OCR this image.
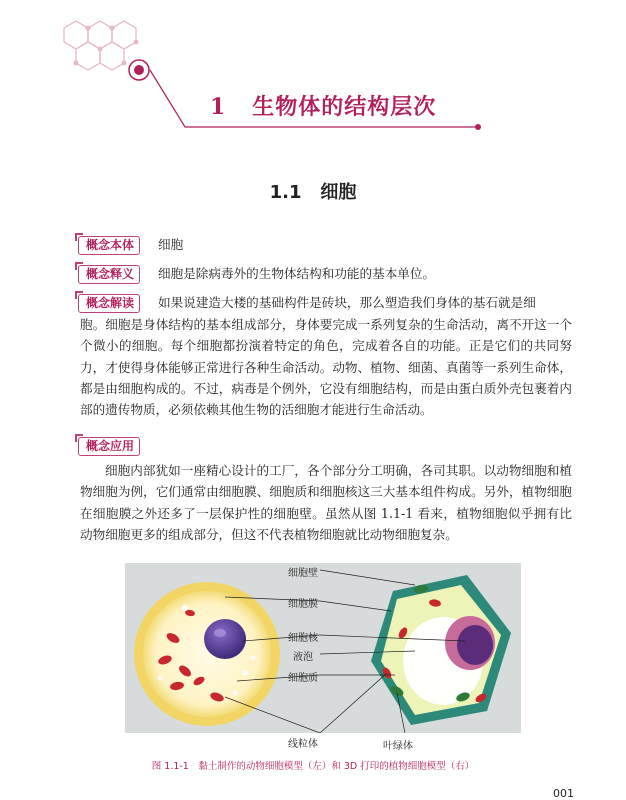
1 生物体的结构层次
1.1 细胞
概念本体	细胞
概念释义	细胞是除病毒外的生物体结构和功能的基本单位。
概念解读	如果说建造大楼的基础构件是砖块，那么塑造我们身体的基石就是细
胞。细胞是身体结构的基本组成部分，身体要完成一系列复杂的生命活动，离不开这一个个微小的细胞。每个细胞都扮演着特定的角色，完成着各自的功能。正是它们的共同努力，才使得身体能够正常进行各种生命活动。动物、植物、细菌、真菌等一系列生命体，都是由细胞构成的。不过，病毒是个例外，它没有细胞结构，而是由蛋白质外壳包裹着内部的遗传物质，必须依赖其他生物的活细胞才能进行生命活动。
概念应用
细胞内部犹如一座精心设计的工厂，各个部分分工明确，各司其职。以动物细胞和植物细胞为例，它们通常由细胞膜、细胞质和细胞核这三大基本组件构成。另外，植物细胞在细胞膜之外还多了一层保护性的细胞壁。虽然从图 1.1-1 看来，植物细胞似乎拥有比动物细胞更多的组成部分，但这不代表植物细胞就比动物细胞复杂。
细胞壁
细胞膜
细胞核
液泡
细胞质
线粒体	叶绿体
图 1.1-1　黏土制作的动物细胞模型（左）和 3D 打印的植物细胞模型（右）
001
